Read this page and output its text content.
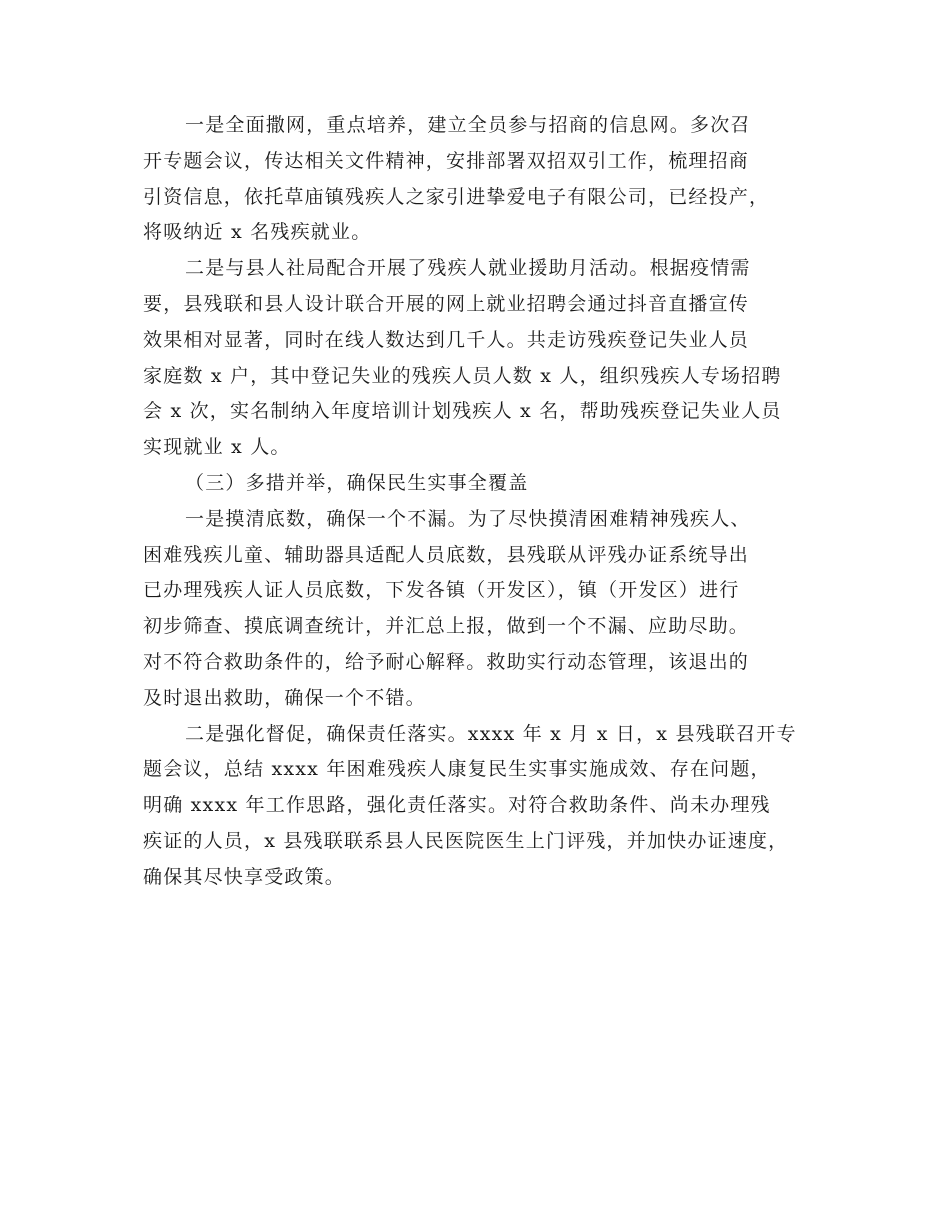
一是全面撒网，重点培养，建立全员参与招商的信息网。多次召
开专题会议，传达相关文件精神，安排部署双招双引工作，梳理招商
引资信息，依托草庙镇残疾人之家引进挚爱电子有限公司，已经投产，
将吸纳近 x 名残疾就业。
二是与县人社局配合开展了残疾人就业援助月活动。根据疫情需
要，县残联和县人设计联合开展的网上就业招聘会通过抖音直播宣传
效果相对显著，同时在线人数达到几千人。共走访残疾登记失业人员
家庭数 x 户，其中登记失业的残疾人员人数 x 人，组织残疾人专场招聘
会 x 次，实名制纳入年度培训计划残疾人 x 名，帮助残疾登记失业人员
实现就业 x 人。
（三）多措并举，确保民生实事全覆盖
一是摸清底数，确保一个不漏。为了尽快摸清困难精神残疾人、
困难残疾儿童、辅助器具适配人员底数，县残联从评残办证系统导出
已办理残疾人证人员底数，下发各镇（开发区），镇（开发区）进行
初步筛查、摸底调查统计，并汇总上报，做到一个不漏、应助尽助。
对不符合救助条件的，给予耐心解释。救助实行动态管理，该退出的
及时退出救助，确保一个不错。
二是强化督促，确保责任落实。xxxx 年 x 月 x 日，x 县残联召开专
题会议，总结 xxxx 年困难残疾人康复民生实事实施成效、存在问题，
明确 xxxx 年工作思路，强化责任落实。对符合救助条件、尚未办理残
疾证的人员，x 县残联联系县人民医院医生上门评残，并加快办证速度，
确保其尽快享受政策。
